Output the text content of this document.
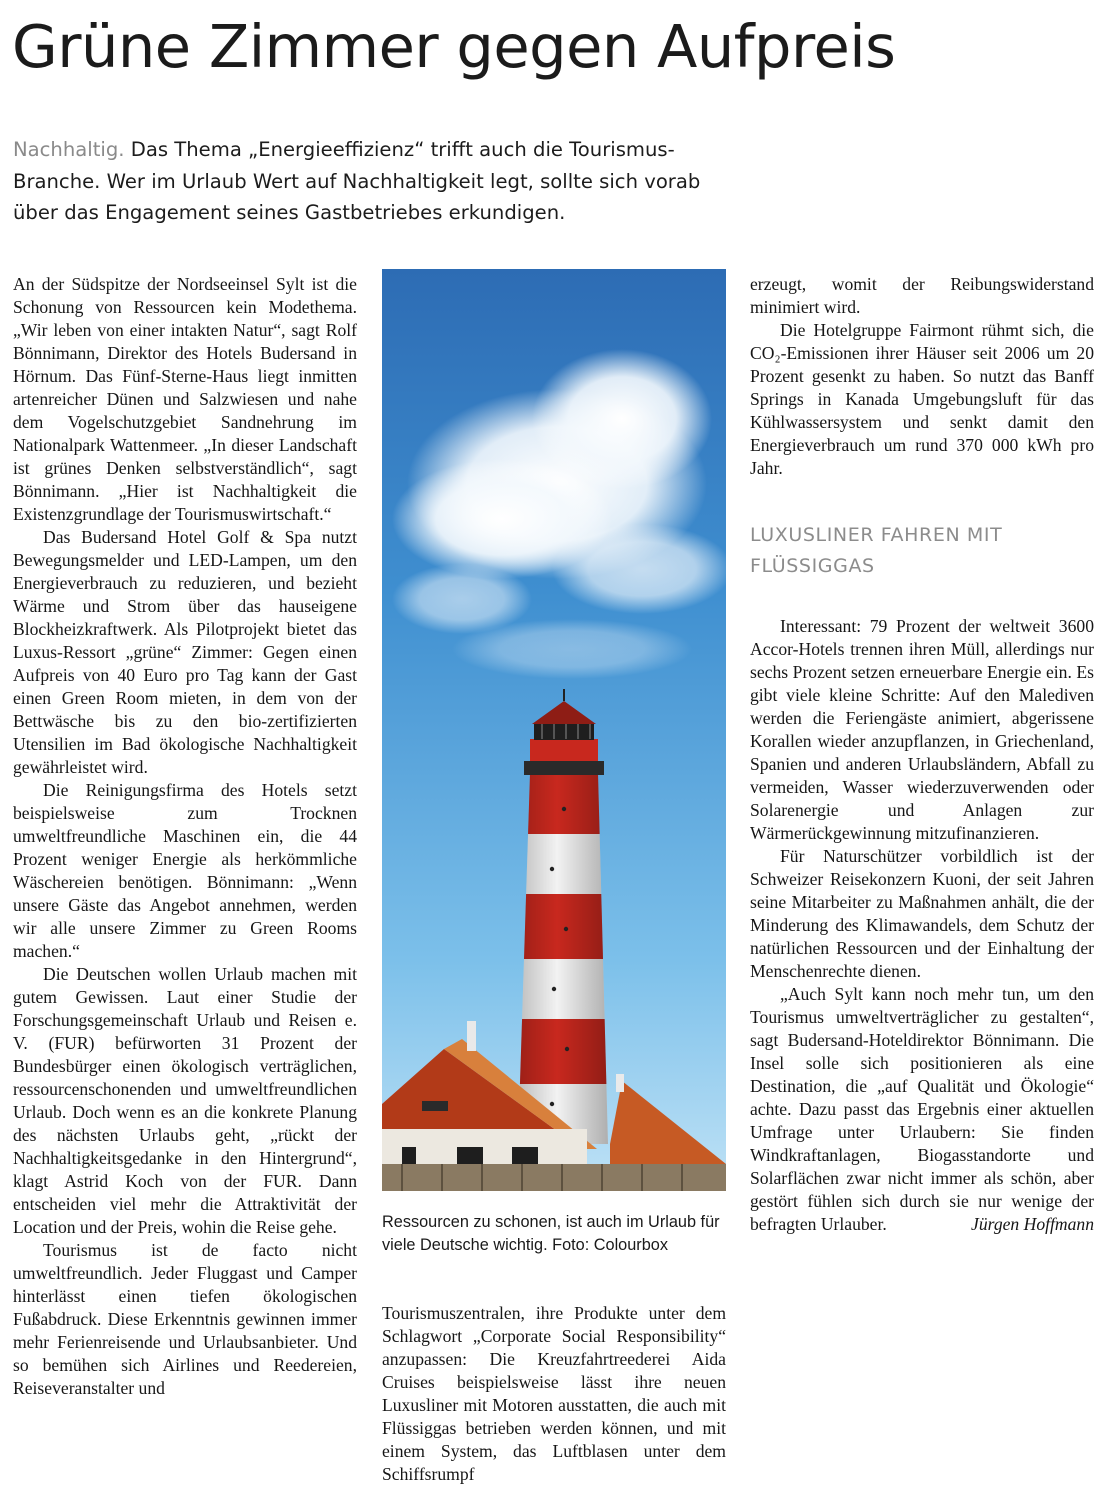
Grüne Zimmer gegen Aufpreis

Nachhaltig. Das Thema „Energieeffizienz“ trifft auch die Tourismus-Branche. Wer im Urlaub Wert auf Nachhaltigkeit legt, sollte sich vorab über das Engagement seines Gastbetriebes erkundigen.

An der Südspitze der Nordseeinsel Sylt ist die Schonung von Ressourcen kein Modethema. „Wir leben von einer intakten Natur“, sagt Rolf Bönnimann, Direktor des Hotels Budersand in Hörnum. Das Fünf-Sterne-Haus liegt inmitten artenreicher Dünen und Salzwiesen und nahe dem Vogelschutzgebiet Sandnehrung im Nationalpark Wattenmeer. „In dieser Landschaft ist grünes Denken selbstverständlich“, sagt Bönnimann. „Hier ist Nachhaltigkeit die Existenzgrundlage der Tourismuswirtschaft.“

Das Budersand Hotel Golf & Spa nutzt Bewegungsmelder und LED-Lampen, um den Energieverbrauch zu reduzieren, und bezieht Wärme und Strom über das hauseigene Blockheizkraftwerk. Als Pilotprojekt bietet das Luxus-Ressort „grüne“ Zimmer: Gegen einen Aufpreis von 40 Euro pro Tag kann der Gast einen Green Room mieten, in dem von der Bettwäsche bis zu den bio-zertifizierten Utensilien im Bad ökologische Nachhaltigkeit gewährleistet wird.

Die Reinigungsfirma des Hotels setzt beispielsweise zum Trocknen umweltfreundliche Maschinen ein, die 44 Prozent weniger Energie als herkömmliche Wäschereien benötigen. Bönnimann: „Wenn unsere Gäste das Angebot annehmen, werden wir alle unsere Zimmer zu Green Rooms machen.“

Die Deutschen wollen Urlaub machen mit gutem Gewissen. Laut einer Studie der Forschungsgemeinschaft Urlaub und Reisen e. V. (FUR) befürworten 31 Prozent der Bundesbürger einen ökologisch verträglichen, ressourcenschonenden und umweltfreundlichen Urlaub. Doch wenn es an die konkrete Planung des nächsten Urlaubs geht, „rückt der Nachhaltigkeitsgedanke in den Hintergrund“, klagt Astrid Koch von der FUR. Dann entscheiden viel mehr die Attraktivität der Location und der Preis, wohin die Reise gehe.

Tourismus ist de facto nicht umweltfreundlich. Jeder Fluggast und Camper hinterlässt einen tiefen ökologischen Fußabdruck. Diese Erkenntnis gewinnen immer mehr Ferienreisende und Urlaubsanbieter. Und so bemühen sich Airlines und Reedereien, Reiseveranstalter und

Ressourcen zu schonen, ist auch im Urlaub für viele Deutsche wichtig. Foto: Colourbox

Tourismuszentralen, ihre Produkte unter dem Schlagwort „Corporate Social Responsibility“ anzupassen: Die Kreuzfahrtreederei Aida Cruises beispielsweise lässt ihre neuen Luxusliner mit Motoren ausstatten, die auch mit Flüssiggas betrieben werden können, und mit einem System, das Luftblasen unter dem Schiffsrumpf

erzeugt, womit der Reibungswiderstand minimiert wird.

Die Hotelgruppe Fairmont rühmt sich, die CO₂-Emissionen ihrer Häuser seit 2006 um 20 Prozent gesenkt zu haben. So nutzt das Banff Springs in Kanada Umgebungsluft für das Kühlwassersystem und senkt damit den Energieverbrauch um rund 370 000 kWh pro Jahr.

Interessant: 79 Prozent der weltweit 3600 Accor-Hotels trennen ihren Müll, allerdings nur sechs Prozent setzen erneuerbare Energie ein. Es gibt viele kleine Schritte: Auf den Malediven werden die Feriengäste animiert, abgerissene Korallen wieder anzupflanzen, in Griechenland, Spanien und anderen Urlaubsländern, Abfall zu vermeiden, Wasser wiederzuverwenden oder Solarenergie und Anlagen zur Wärmerückgewinnung mitzufinanzieren.

Für Naturschützer vorbildlich ist der Schweizer Reisekonzern Kuoni, der seit Jahren seine Mitarbeiter zu Maßnahmen anhält, die der Minderung des Klimawandels, dem Schutz der natürlichen Ressourcen und der Einhaltung der Menschenrechte dienen.

„Auch Sylt kann noch mehr tun, um den Tourismus umweltverträglicher zu gestalten“, sagt Budersand-Hoteldirektor Bönnimann. Die Insel solle sich positionieren als eine Destination, die „auf Qualität und Ökologie“ achte. Dazu passt das Ergebnis einer aktuellen Umfrage unter Urlaubern: Sie finden Windkraftanlagen, Biogasstandorte und Solarflächen zwar nicht immer als schön, aber gestört fühlen sich durch sie nur wenige der befragten Urlauber.	Jürgen Hoffmann

LUXUSLINER FAHREN MIT FLÜSSIGGAS
